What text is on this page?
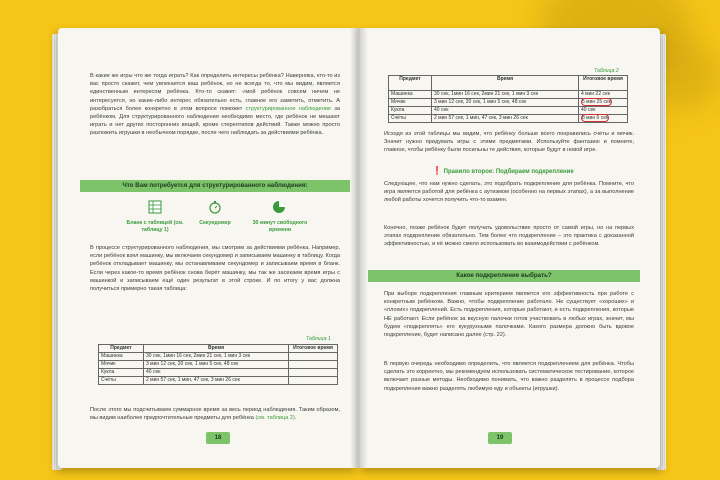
В какие же игры что же тогда играть? Как определить интересы ребёнка? Наверняка, кто-то из вас просто скажет, чем увлекается ваш ребёнок, но не всегда то, что мы видим, является единственным интересом ребёнка. Кто-то скажет: «мой ребёнок совсем ничем не интересуется, но какие-либо интерес обязательно есть, главное его заметить, отметить. А разобраться более конкретно в этом вопросе поможет структурированное наблюдение за ребёнком. Для структурированного наблюдения необходимо место, где ребёнок не мешают играть и нет других посторонних вещей, кроме стереотипов действий. Также можно просто разложить игрушки в необычном порядке, после чего наблюдать за действиями ребёнка.
Что Вам потребуется для структурированного наблюдения:
Бланк с таблицей (см. таблицу 1)
Секундомер	30 минут свободного времени
В процессе структурированного наблюдения, мы смотрим за действиями ребёнка. Например, если ребёнок взял машинку, мы включаем секундомер и записываем машинку в таблицу. Когда ребёнок откладывает машинку, мы останавливаем секундомер и записываем время в бланк. Если через какое-то время ребёнок снова берёт машинку, мы так же засекаем время игры с машинкой и записываем ещё один результат в этой строке. И по итогу у вас должна получиться примерно такая таблица:
Таблица 1
Предмет	Время	Итоговое время
Машинка	30 сек, 1мин 16 сек, 2мин 21 сек, 1 мин 3 сек	
Мячик	3 мин 12 сек, 20 сек, 1 мин 5 сек, 48 сек	
Кукла	40 сек	
Счёты	2 мин 57 сек, 1 мин, 47 сек, 3 мин 26 сек	
После этого мы подсчитываем суммарное время за весь период наблюдения. Таким образом, мы видим наиболее предпочтительные предметы для ребёнка (см. таблица 2).
18
Таблица 2
Предмет	Время	Итоговое время
Машинка	30 сек, 1мин 16 сек, 2мин 21 сек, 1 мин 3 сек	4 мин 22 сек
Мячик	3 мин 12 сек, 20 сек, 1 мин 5 сек, 48 сек	5 мин 25 сек
Кукла	40 сек	40 сек
Счёты	2 мин 57 сек, 1 мин, 47 сек, 3 мин 26 сек	8 мин 6 сек
Исходя из этой таблицы мы видим, что ребёнку больше всего понравились счёты и мячик. Значит нужно придумать игры с этими предметами. Используйте фантазию и помните, главное, чтобы ребёнку были посильны те действия, которые будут в новой игре.
❗ Правило второе: Подбираем подкрепление
Следующее, что нам нужно сделать, это подобрать подкрепление для ребёнка. Помните, что игра является работой для ребёнка с аутизмом (особенно на первых этапах), а за выполнение любой работы хочется получить что-то взамен.
Конечно, позже ребёнок будет получать удовольствие просто от самой игры, но на первых этапах подкрепление обязательно. Тем более что подкрепление – это практика с доказанной эффективностью, и её можно смело использовать во взаимодействии с ребёнком.
Какое подкрепление выбрать?
При выборе подкрепления главным критерием является его эффективность при работе с конкретным ребёнком. Важно, чтобы подкрепление работало. Не существует «хороших» и «плохих» подкреплений. Есть подкрепления, которые работают, и есть подкрепления, которые НЕ работают. Если ребёнок за вкусную палочки готов участвовать в любых играх, значит, мы будем «подкреплять» его кукурузными палочками. Какого размера должно быть вдовое подкрепление, будет написано далее (стр. 22).
В первую очередь необходимо определить, что является подкреплением для ребёнка. Чтобы сделать это корректно, мы рекомендуем использовать систематическое тестирование, которое включает разные методы. Необходимо понимать, что важно разделять в процессе подбора подкрепления важно разделять любимую еду и объекты (игрушки).
19
